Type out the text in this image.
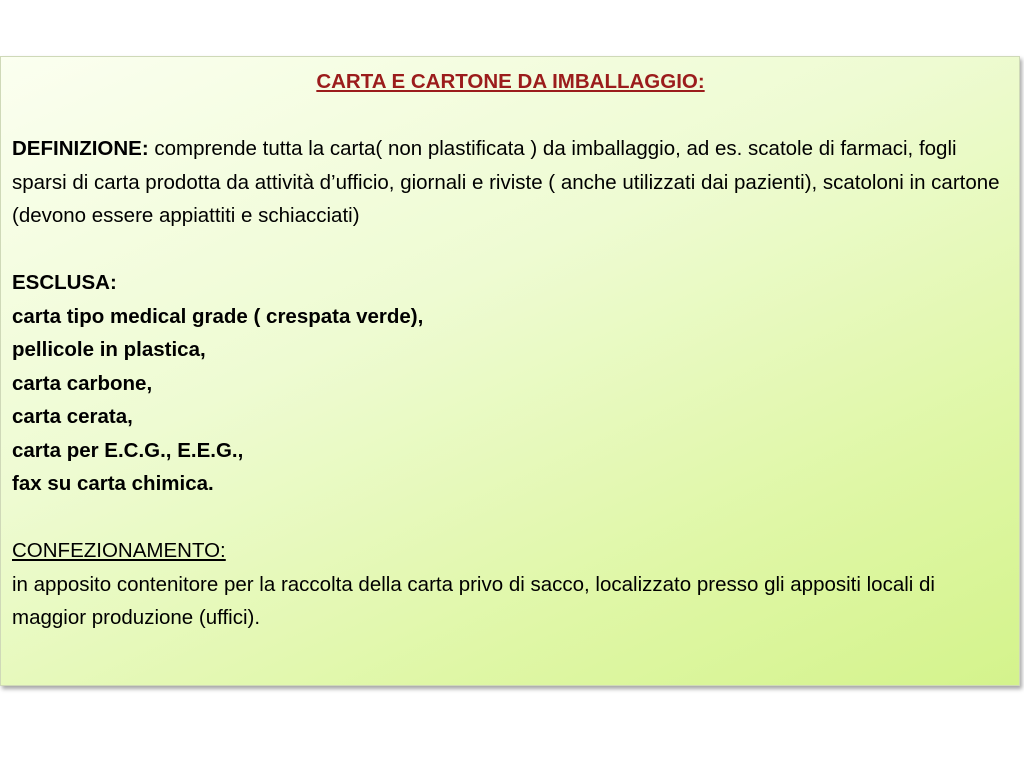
CARTA E CARTONE DA IMBALLAGGIO:

DEFINIZIONE: comprende tutta la carta( non plastificata ) da imballaggio, ad es. scatole di farmaci, fogli sparsi di carta prodotta da attività d’ufficio, giornali e riviste ( anche utilizzati dai pazienti), scatoloni in cartone (devono essere appiattiti e schiacciati)

ESCLUSA:

carta tipo medical grade ( crespata verde),

pellicole in plastica,

carta carbone,

carta cerata,

carta per E.C.G., E.E.G.,

fax su carta chimica.

CONFEZIONAMENTO:

in apposito contenitore per la raccolta della carta privo di sacco, localizzato presso gli appositi locali di maggior produzione (uffici).
